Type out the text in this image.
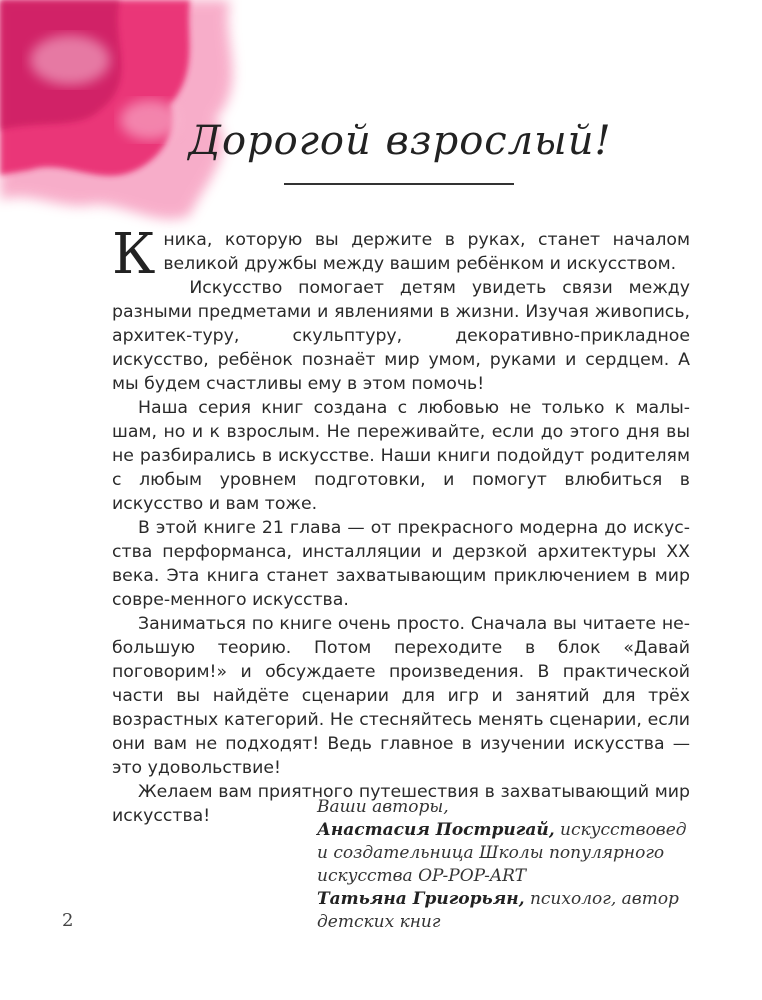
Дорогой взрослый!

Кника, которую вы держите в руках, станет началом великой дружбы между вашим ребёнком и искусством.

Искусство помогает детям увидеть связи между разными предметами и явлениями в жизни. Изучая живопись, архитек-туру, скульптуру, декоративно-прикладное искусство, ребёнок познаёт мир умом, руками и сердцем. А мы будем счастливы ему в этом помочь!

Наша серия книг создана с любовью не только к малы-шам, но и к взрослым. Не переживайте, если до этого дня вы не разбирались в искусстве. Наши книги подойдут родителям с любым уровнем подготовки, и помогут влюбиться в искусство и вам тоже.

В этой книге 21 глава — от прекрасного модерна до искус-ства перформанса, инсталляции и дерзкой архитектуры XX века. Эта книга станет захватывающим приключением в мир совре-менного искусства.

Заниматься по книге очень просто. Сначала вы читаете не-большую теорию. Потом переходите в блок «Давай поговорим!» и обсуждаете произведения. В практической части вы найдёте сценарии для игр и занятий для трёх возрастных категорий. Не стесняйтесь менять сценарии, если они вам не подходят! Ведь главное в изучении искусства — это удовольствие!

Желаем вам приятного путешествия в захватывающий мир искусства!	Ваши авторы,
Анастасия Постригай, искусствовед
и создательница Школы популярного
искусства OP-POP-ART
Татьяна Григорьян, психолог, автор
детских книг
2
